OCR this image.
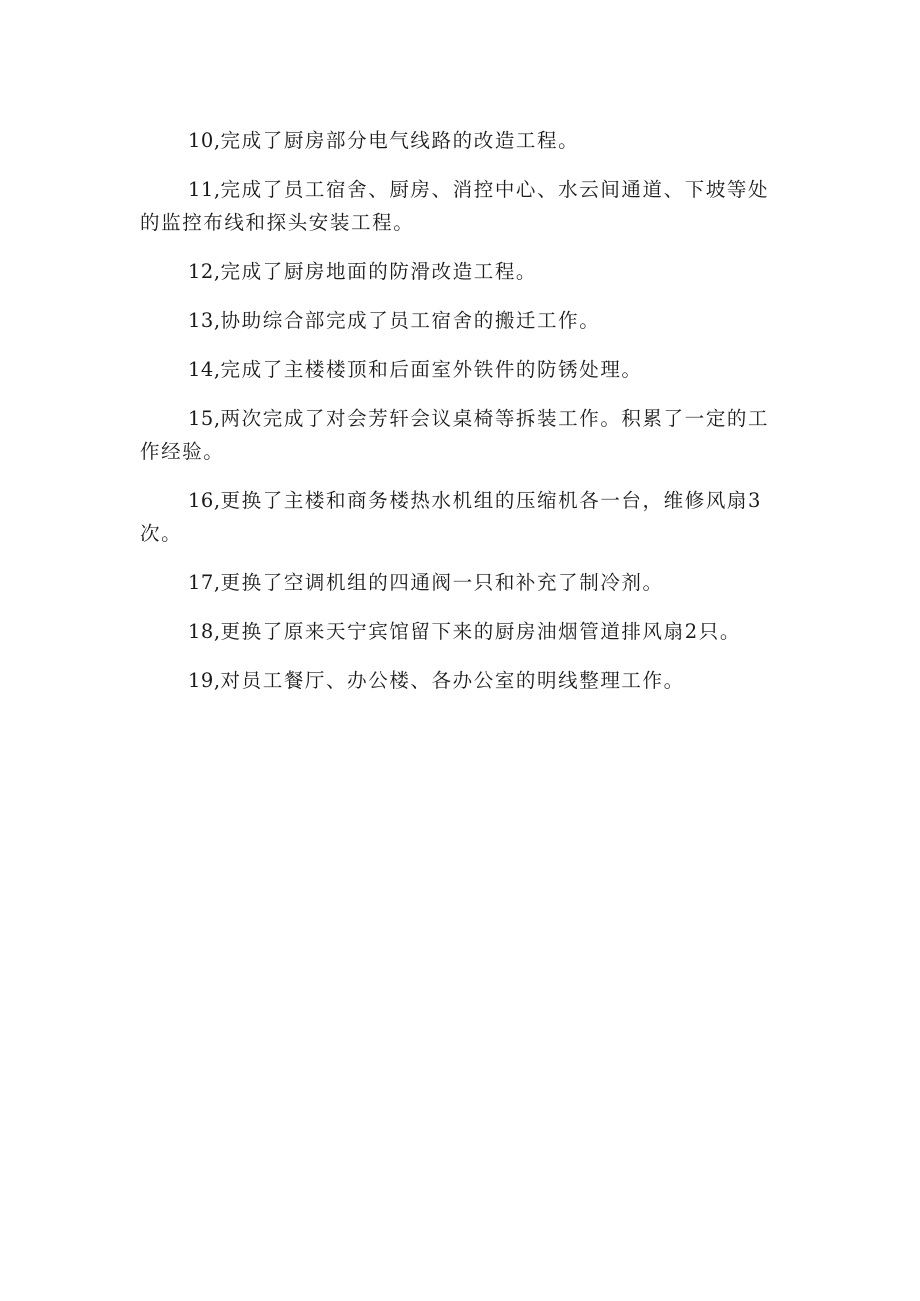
10,完成了厨房部分电气线路的改造工程。

11,完成了员工宿舍、厨房、消控中心、水云间通道、下坡等处的监控布线和探头安装工程。

12,完成了厨房地面的防滑改造工程。

13,协助综合部完成了员工宿舍的搬迁工作。

14,完成了主楼楼顶和后面室外铁件的防锈处理。

15,两次完成了对会芳轩会议桌椅等拆装工作。积累了一定的工作经验。

16,更换了主楼和商务楼热水机组的压缩机各一台，维修风扇3次。

17,更换了空调机组的四通阀一只和补充了制冷剂。

18,更换了原来天宁宾馆留下来的厨房油烟管道排风扇2只。

19,对员工餐厅、办公楼、各办公室的明线整理工作。
